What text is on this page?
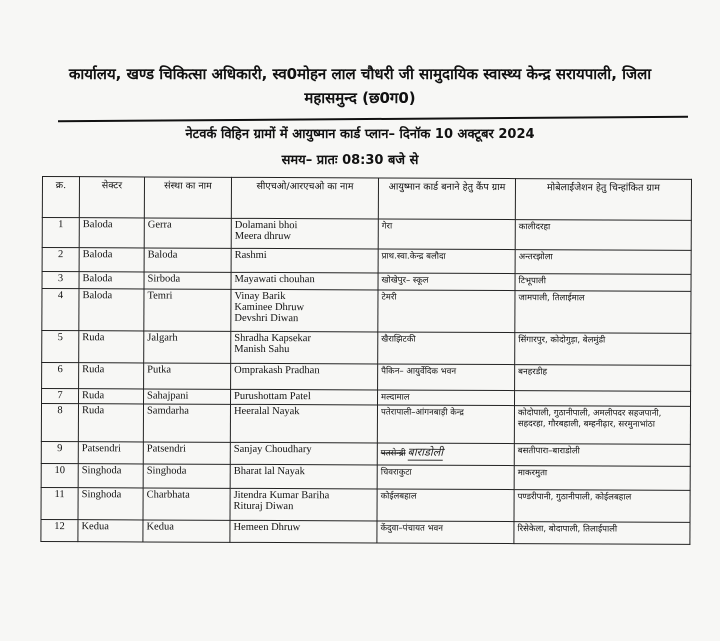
कार्यालय, खण्ड चिकित्सा अधिकारी, स्व0मोहन लाल चौधरी जी सामुदायिक स्वास्थ्य केन्द्र सरायपाली, जिला
महासमुन्द (छ0ग0)
नेटवर्क विहिन ग्रामों में आयुष्मान कार्ड प्लान– दिनॉक 10 अक्टूबर 2024
समय– प्रातः 08:30 बजे से
क्र.	सेक्टर	संस्था का नाम	सीएचओ/आरएचओ का नाम	आयुष्मान कार्ड बनाने हेतु कैंप ग्राम	मोबेलाईजेशन हेतु चिन्हांकित ग्राम
1	Baloda	Gerra	Dolamani bhoi
Meera dhruw	गेरा	कालीदरहा
2	Baloda	Baloda	Rashmi	प्राथ.स्वा.केन्द्र बलौदा	अन्तरझोला
3	Baloda	Sirboda	Mayawati chouhan	खोखेपुर– स्कूल	टिभूपाली
4	Baloda	Temri	Vinay Barik
Kaminee Dhruw
Devshri Diwan	टेमरी	जामपाली, तिलाईमाल
5	Ruda	Jalgarh	Shradha Kapsekar
Manish Sahu	खैराझिटकी	सिंगारपुर, कोदोगुड़ा, बेलमुंडी
6	Ruda	Putka	Omprakash Pradhan	पैकिन– आयुर्वेदिक भवन	बनहरडीह
7	Ruda	Sahajpani	Purushottam Patel	मल्दामाल	
8	Ruda	Samdarha	Heeralal Nayak	पतेरापाली–आंगनबाड़ी केन्द्र	कोदोपाली, गुठानीपाली, अमलीपदर सहजपानी, सहदरहा, गौरबहाली, बम्हनीढ़ार, सरमुनाभांठा
9	Patsendri	Patsendri	Sanjay Choudhary	पतसेन्द्री बाराडोली	बसतीपारा–बाराडोली
10	Singhoda	Singhoda	Bharat lal Nayak	चिवराकुटा	माकरमुता
11	Singhoda	Charbhata	Jitendra Kumar Bariha
Rituraj Diwan	कोईलबहाल	पण्डरीपानी, गुठानीपाली, कोईलबहाल
12	Kedua	Kedua	Hemeen Dhruw	केंदुवा–पंचायत भवन	रिसेकेला, बोदापाली, तिलाईपाली
